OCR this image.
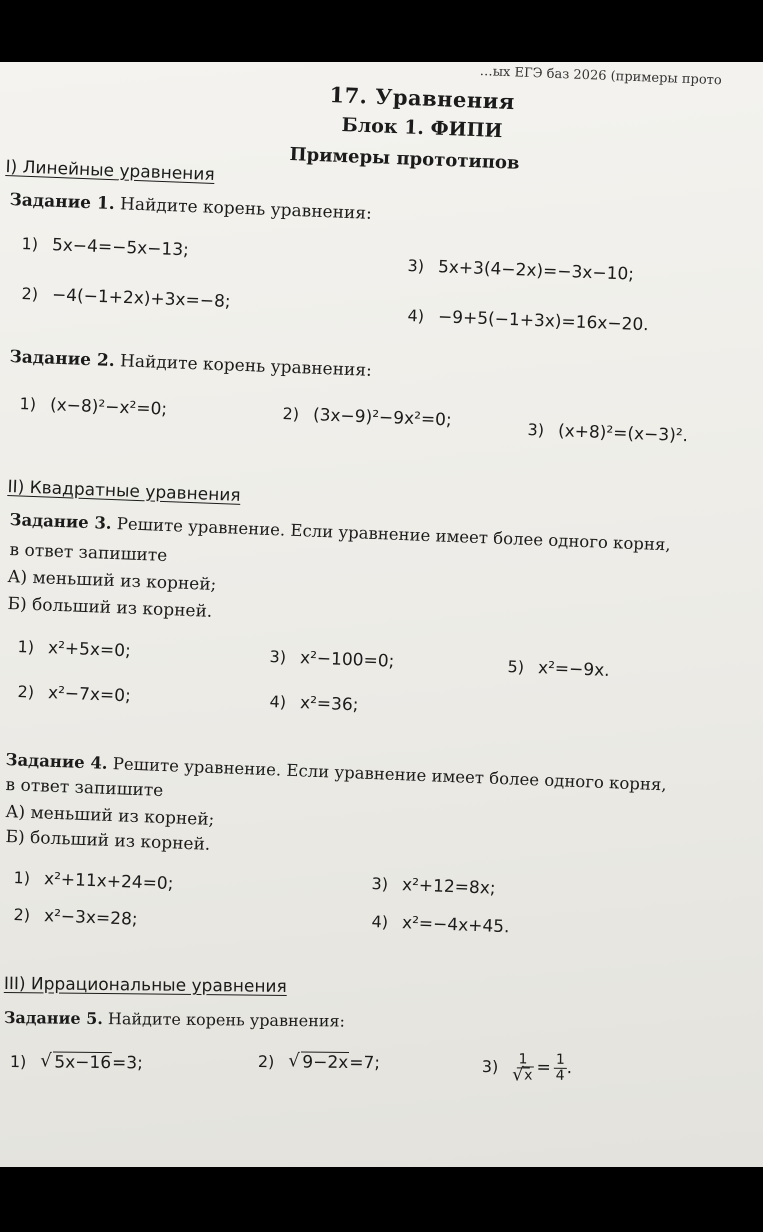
…ых ЕГЭ баз 2026 (примеры прото
17. Уравнения
Блок 1. ФИПИ
Примеры прототипов
I) Линейные уравнения
Задание 1. Найдите корень уравнения:
1) 5x−4=−5x−13;
2) −4(−1+2x)+3x=−8;
3) 5x+3(4−2x)=−3x−10;
4) −9+5(−1+3x)=16x−20.
Задание 2. Найдите корень уравнения:
1) (x−8)²−x²=0;	2) (3x−9)²−9x²=0;	3) (x+8)²=(x−3)².
II) Квадратные уравнения
Задание 3. Решите уравнение. Если уравнение имеет более одного корня,
в ответ запишите
А) меньший из корней;
Б) больший из корней.
1) x²+5x=0;
2) x²−7x=0;
3) x²−100=0;
4) x²=36;
5) x²=−9x.
Задание 4. Решите уравнение. Если уравнение имеет более одного корня,
в ответ запишите
А) меньший из корней;
Б) больший из корней.
1) x²+11x+24=0;
2) x²−3x=28;
3) x²+12=8x;
4) x²=−4x+45.
III) Иррациональные уравнения
Задание 5. Найдите корень уравнения:
1) √ 5x−16=3;	2) √ 9−2x=7;	3) 1
√ $x = \frac{1}{4}$ .
